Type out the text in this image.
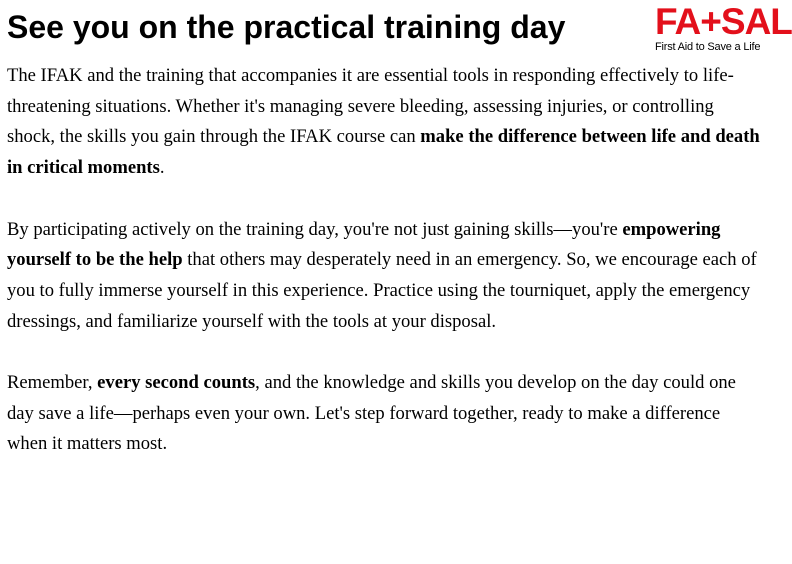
See you on the practical training day FA+SAL
First Aid to Save a Life

The IFAK and the training that accompanies it are essential tools in responding effectively to life-threatening situations. Whether it's managing severe bleeding, assessing injuries, or controlling shock, the skills you gain through the IFAK course can make the difference between life and death in critical moments.

By participating actively on the training day, you're not just gaining skills—you're empowering yourself to be the help that others may desperately need in an emergency. So, we encourage each of you to fully immerse yourself in this experience. Practice using the tourniquet, apply the emergency dressings, and familiarize yourself with the tools at your disposal.

Remember, every second counts, and the knowledge and skills you develop on the day could one day save a life—perhaps even your own. Let's step forward together, ready to make a difference when it matters most.
